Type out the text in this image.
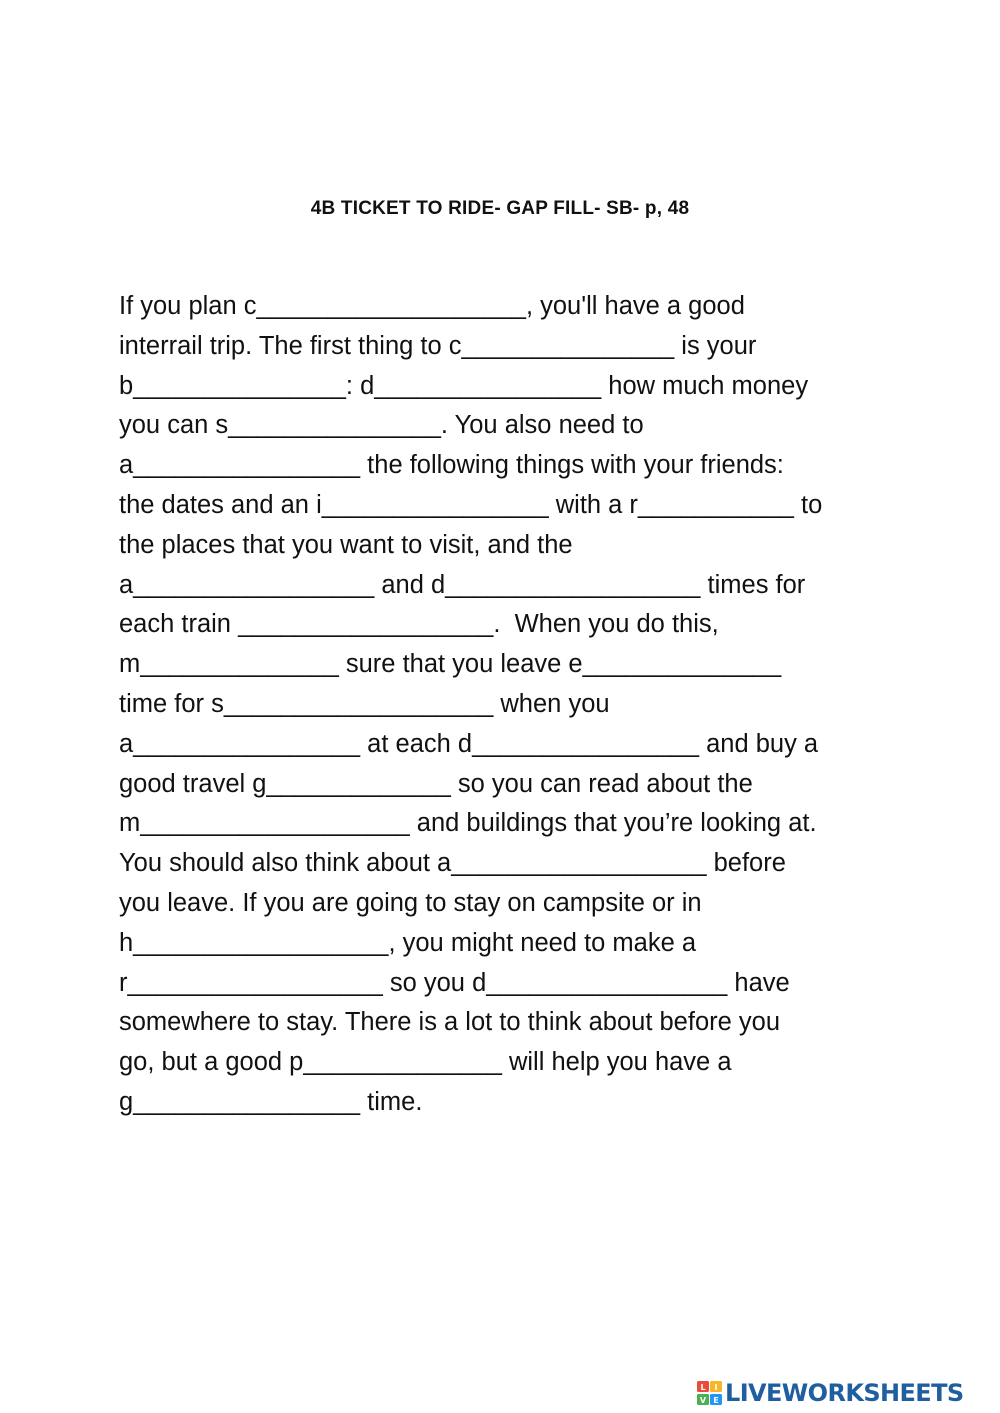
4B TICKET TO RIDE- GAP FILL- SB- p, 48
If you plan c___________________, you'll have a good
interrail trip. The first thing to c_______________ is your
b_______________: d________________ how much money
you can s_______________. You also need to
a________________ the following things with your friends:
the dates and an i________________ with a r___________ to
the places that you want to visit, and the
a_________________ and d__________________ times for
each train __________________.  When you do this,
m______________ sure that you leave e______________
time for s___________________ when you
a________________ at each d________________ and buy a
good travel g_____________ so you can read about the
m___________________ and buildings that you’re looking at.
You should also think about a__________________ before
you leave. If you are going to stay on campsite or in
h__________________, you might need to make a
r__________________ so you d_________________ have
somewhere to stay. There is a lot to think about before you
go, but a good p______________ will help you have a
g________________ time.
L I
V E LIVEWORKSHEETS
